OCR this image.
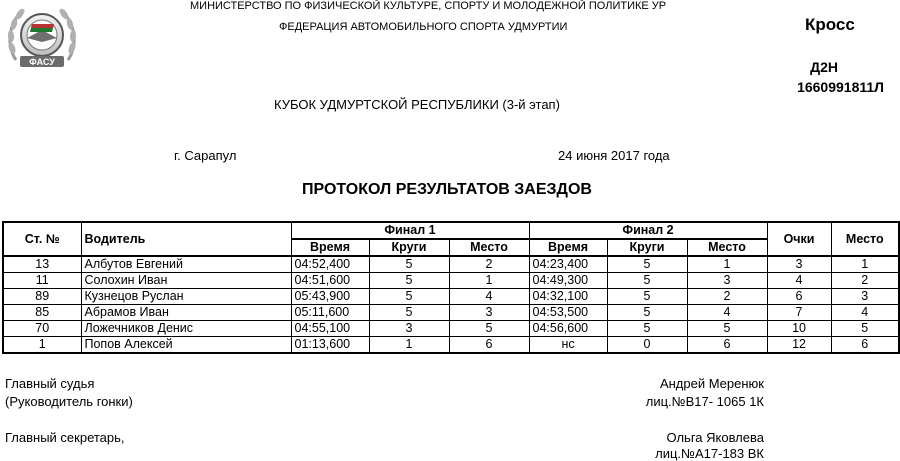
ФАСУ
МИНИСТЕРСТВО ПО ФИЗИЧЕСКОЙ КУЛЬТУРЕ, СПОРТУ И МОЛОДЕЖНОЙ ПОЛИТИКЕ УР
ФЕДЕРАЦИЯ АВТОМОБИЛЬНОГО СПОРТА УДМУРТИИ	Кросс
Д2Н
1660991811Л
КУБОК УДМУРТСКОЙ РЕСПУБЛИКИ (3-й этап)
г. Сарапул	24 июня 2017 года
ПРОТОКОЛ РЕЗУЛЬТАТОВ ЗАЕЗДОВ
Ст. №	Водитель	Финал 1			Финал 2			Очки	Место
		Время	Круги	Место	Время	Круги	Место		
13	Албутов Евгений	04:52,400	5	2	04:23,400	5	1	3	1
11	Солохин Иван	04:51,600	5	1	04:49,300	5	3	4	2
89	Кузнецов Руслан	05:43,900	5	4	04:32,100	5	2	6	3
85	Абрамов Иван	05:11,600	5	3	04:53,500	5	4	7	4
70	Ложечников Денис	04:55,100	3	5	04:56,600	5	5	10	5
1	Попов Алексей	01:13,600	1	6	нс	0	6	12	6
Главный судья
(Руководитель гонки)
Андрей Меренюк
лиц.№В17- 1065 1К
Главный секретарь,	Ольга Яковлева
лиц.№А17-183 ВК
